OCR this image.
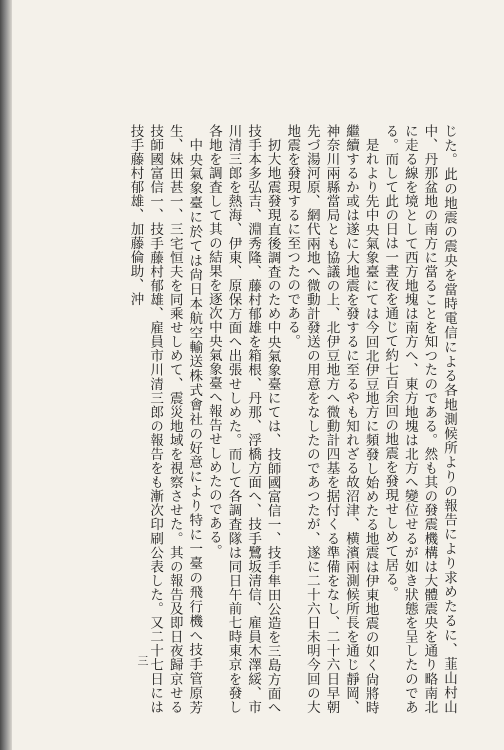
じた。此の地震の震央を當時電信による各地測候所よりの報告により求めたるに、韮山村山中、丹那盆地の南方に當ることを知つたのである。然も其の發震機構は大體震央を通り略南北に走る線を境として西方地塊は南方へ、東方地塊は北方へ變位せるが如き狀態を呈したのである。而して此の日は一晝夜を通じて約七百余回の地震を發現せしめて居る。

是れより先中央氣象臺にては今回北伊豆地方に頻發し始めたる地震は伊東地震の如く尙將時繼續するか或は遂に大地震を發するに至るやも知れざる故沼津、横濱兩測候所長を通じ靜岡、神奈川兩縣當局とも協議の上、北伊豆地方へ微動計四基を据付くる準備をなし、二十六日早朝先づ湯河原、網代兩地へ微動計發送の用意をなしたのであつたが、遂に二十六日未明今回の大地震を發現するに至つたのである。

扨大地震發現直後調査のため中央氣象臺にては、技師國富信一、技手隼田公造を三島方面へ技手本多弘吉、淵秀隆、藤村郁雄を箱根、丹那、浮橋方面へ、技手鷺坂清信、雇員木澤綏、市川清三郎を熱海、伊東、原保方面へ出張せしめた。而して各調査隊は同日午前七時東京を發し各地を調査して其の結果を逐次中央氣象臺へ報告せしめたのである。

中央氣象臺に於ては尙日本航空輸送株式會社の好意により特に一臺の飛行機へ技手管原芳生、妹田甚一、三宅恒夫を同乘せしめて、震災地域を視察させた。其の報告及即日夜歸京せる技師國富信一、技手藤村郁雄、雇員市川清三郎の報告をも漸次印刷公表した。又二十七日には技手藤村郁雄、加藤倫助、沖

三
